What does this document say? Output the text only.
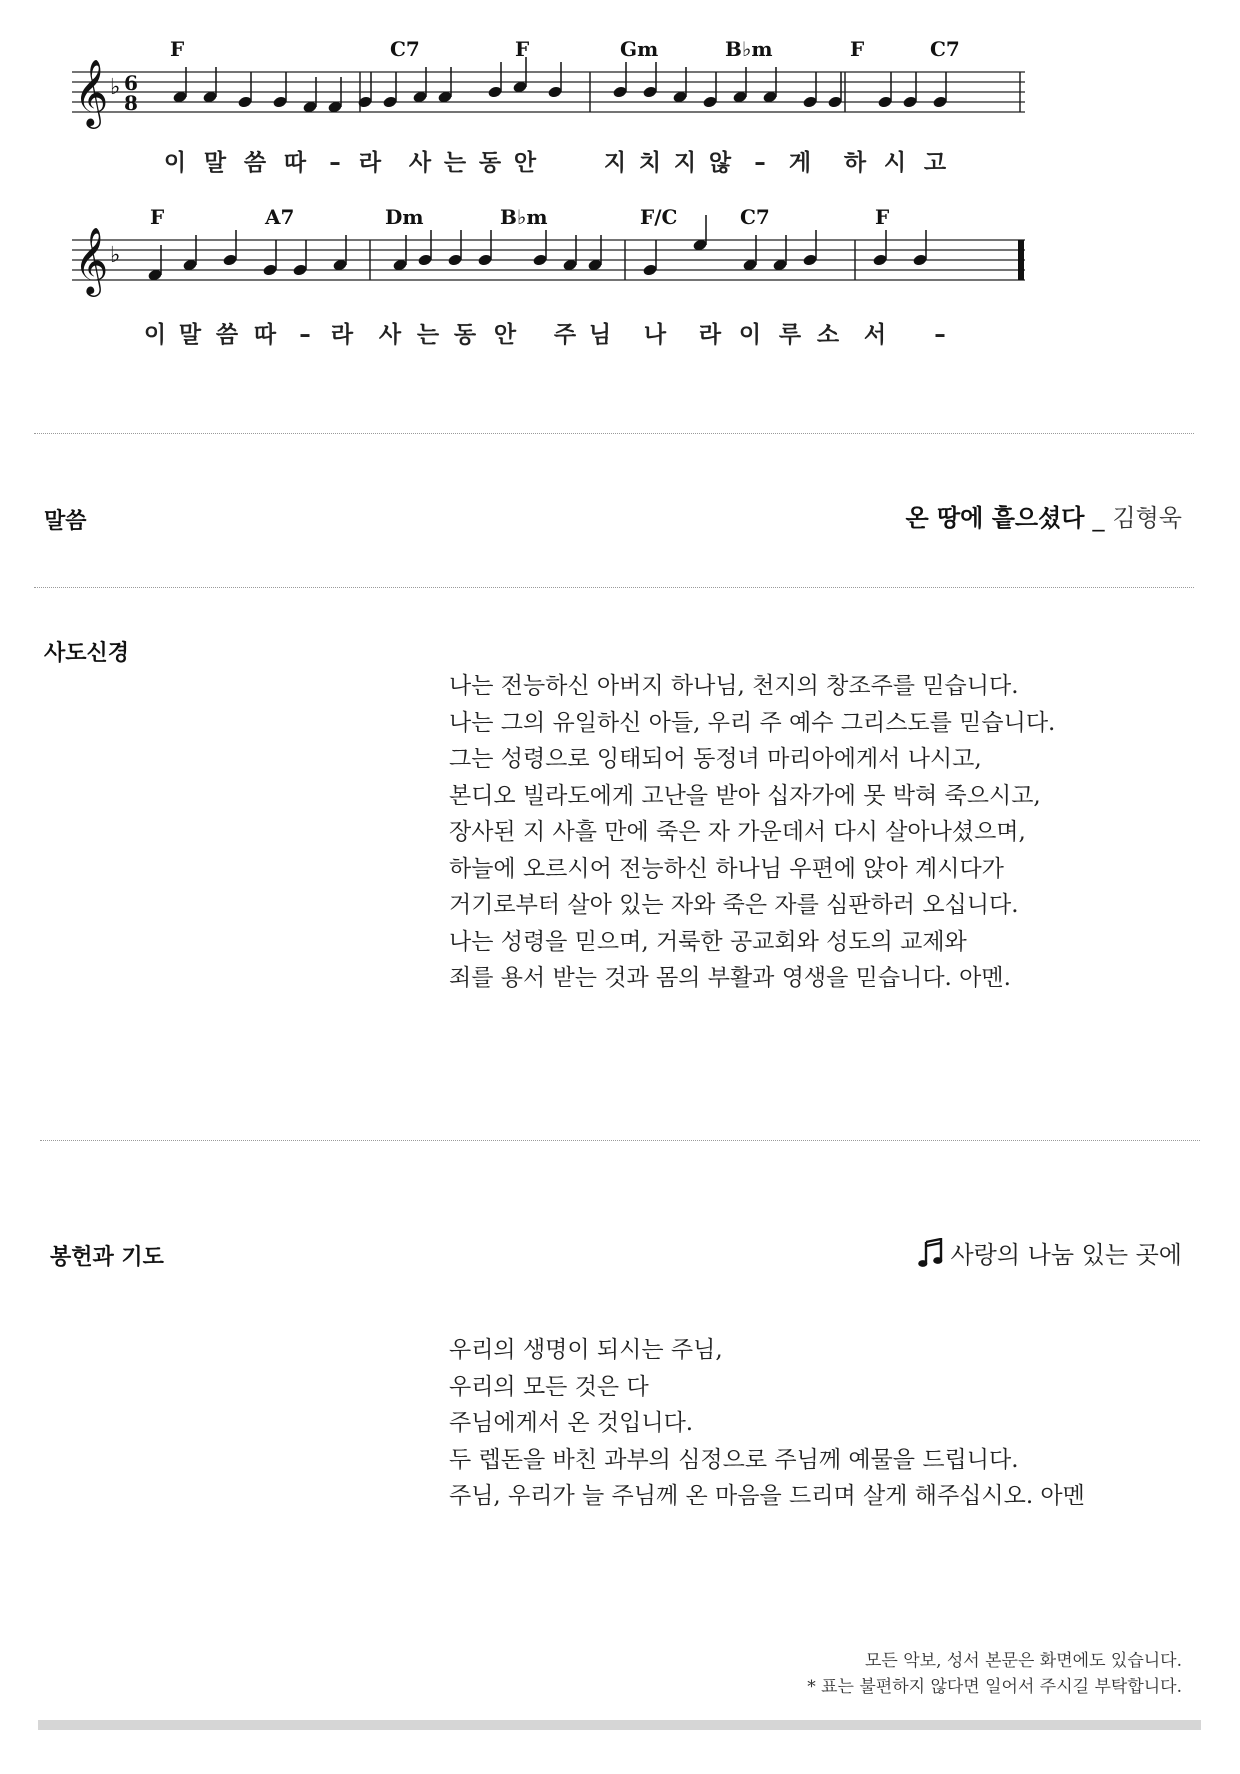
𝄞 ♭ 6
8
F	C7	F	Gm	B♭m	F	C7
이 말 씀 따 – 라 사 는 동 안	지 치 지 않 – 게 하 시 고
𝄞 ♭
F	A7	Dm	B♭m	F/C	C7	F
이 말 씀 따 – 라 사 는 동 안 주 님 나 라 이 루 소 서 –
말씀	온 땅에 흩으셨다 _ 김형욱
사도신경
나는 전능하신 아버지 하나님, 천지의 창조주를 믿습니다.
나는 그의 유일하신 아들, 우리 주 예수 그리스도를 믿습니다.
그는 성령으로 잉태되어 동정녀 마리아에게서 나시고,
본디오 빌라도에게 고난을 받아 십자가에 못 박혀 죽으시고,
장사된 지 사흘 만에 죽은 자 가운데서 다시 살아나셨으며,
하늘에 오르시어 전능하신 하나님 우편에 앉아 계시다가
거기로부터 살아 있는 자와 죽은 자를 심판하러 오십니다.
나는 성령을 믿으며, 거룩한 공교회와 성도의 교제와
죄를 용서 받는 것과 몸의 부활과 영생을 믿습니다. 아멘.
봉헌과 기도	사랑의 나눔 있는 곳에
우리의 생명이 되시는 주님,
우리의 모든 것은 다
주님에게서 온 것입니다.
두 렙돈을 바친 과부의 심정으로 주님께 예물을 드립니다.
주님, 우리가 늘 주님께 온 마음을 드리며 살게 해주십시오. 아멘
모든 악보, 성서 본문은 화면에도 있습니다.
* 표는 불편하지 않다면 일어서 주시길 부탁합니다.
